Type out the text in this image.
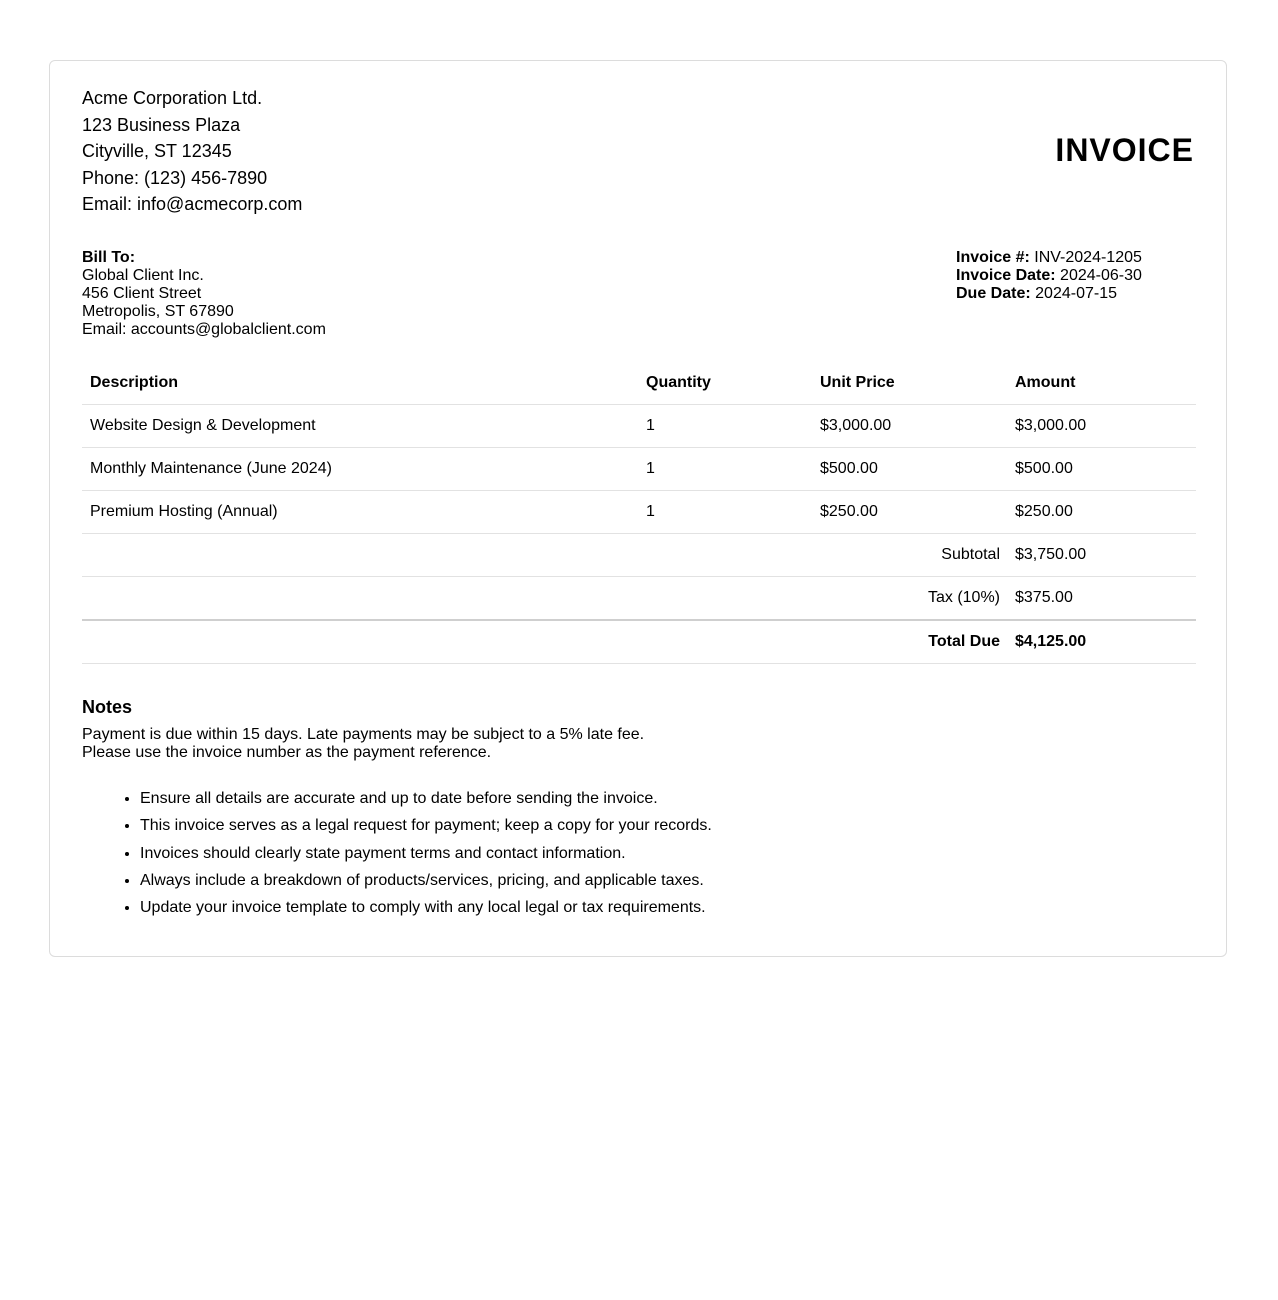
Acme Corporation Ltd.
123 Business Plaza
Cityville, ST 12345
Phone: (123) 456-7890
Email: info@acmecorp.com
INVOICE
Bill To:
Global Client Inc.
456 Client Street
Metropolis, ST 67890
Email: accounts@globalclient.com
Invoice #: INV-2024-1205
Invoice Date: 2024-06-30
Due Date: 2024-07-15
Description	Quantity	Unit Price	Amount
Website Design & Development	1	$3,000.00	$3,000.00
Monthly Maintenance (June 2024)	1	$500.00	$500.00
Premium Hosting (Annual)	1	$250.00	$250.00
Subtotal			$3,750.00
Tax (10%)			$375.00
Total Due			$4,125.00
Notes
Payment is due within 15 days. Late payments may be subject to a 5% late fee.
Please use the invoice number as the payment reference.
• Ensure all details are accurate and up to date before sending the invoice.
• This invoice serves as a legal request for payment; keep a copy for your records.
• Invoices should clearly state payment terms and contact information.
• Always include a breakdown of products/services, pricing, and applicable taxes.
• Update your invoice template to comply with any local legal or tax requirements.
